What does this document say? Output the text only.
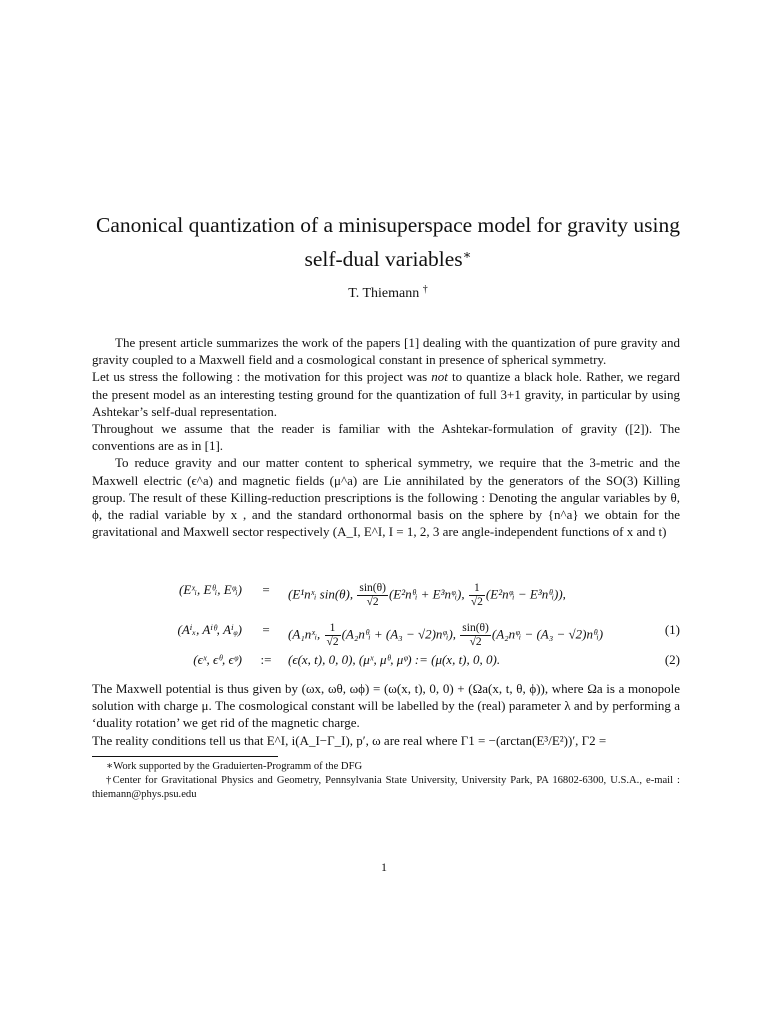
Canonical quantization of a minisuperspace model for gravity using self-dual variables∗
T. Thiemann †

The present article summarizes the work of the papers [1] dealing with the quantization of pure gravity and gravity coupled to a Maxwell field and a cosmological constant in presence of spherical symmetry.

Let us stress the following : the motivation for this project was not to quantize a black hole. Rather, we regard the present model as an interesting testing ground for the quantization of full 3+1 gravity, in particular by using Ashtekar’s self-dual representation.

Throughout we assume that the reader is familiar with the Ashtekar-formulation of gravity ([2]). The conventions are as in [1].

To reduce gravity and our matter content to spherical symmetry, we require that the 3-metric and the Maxwell electric (ϵ^a) and magnetic fields (μ^a) are Lie annihilated by the generators of the SO(3) Killing group. The result of these Killing-reduction prescriptions is the following : Denoting the angular variables by θ, ϕ, the radial variable by x , and the standard orthonormal basis on the sphere by {n^a} we obtain for the gravitational and Maxwell sector respectively (A_I, E^I, I = 1, 2, 3 are angle-independent functions of x and t)

(Eˣᵢ, Eᶿᵢ, Eᵠᵢ)	=	(E¹nˣᵢ sin(θ), $\frac{\sin(\theta)}{√2}$ (E²nᶿᵢ + E³nᵠᵢ), $\frac{1}{√2}$ (E²nᵠᵢ − E³nᶿᵢ)),
(Aⁱₓ, Aⁱᶿ, Aⁱᵩ)	=	(A₁nˣᵢ, $\frac{1}{√2}$ (A₂nᶿᵢ + (A₃ − √2)nᵠᵢ), $\frac{\sin(\theta)}{√2}$ (A₂nᵠᵢ − (A₃ − √2)nᶿᵢ)	(1)
(ϵˣ, ϵᶿ, ϵᵠ)	:=	(ϵ(x, t), 0, 0), (μˣ, μᶿ, μᵠ) := (μ(x, t), 0, 0).	(2)

The Maxwell potential is thus given by (ωx, ωθ, ωϕ) = (ω(x, t), 0, 0) + (Ωa(x, t, θ, ϕ)), where Ωa is a monopole solution with charge μ. The cosmological constant will be labelled by the (real) parameter λ and by performing a ‘duality rotation’ we get rid of the magnetic charge.

The reality conditions tell us that E^I, i(A_I−Γ_I), p′, ω are real where Γ1 = −(arctan(E³/E²))′, Γ2 =

∗Work supported by the Graduierten-Programm of the DFG

†Center for Gravitational Physics and Geometry, Pennsylvania State University, University Park, PA 16802-6300, U.S.A., e-mail : thiemann@phys.psu.edu

1
